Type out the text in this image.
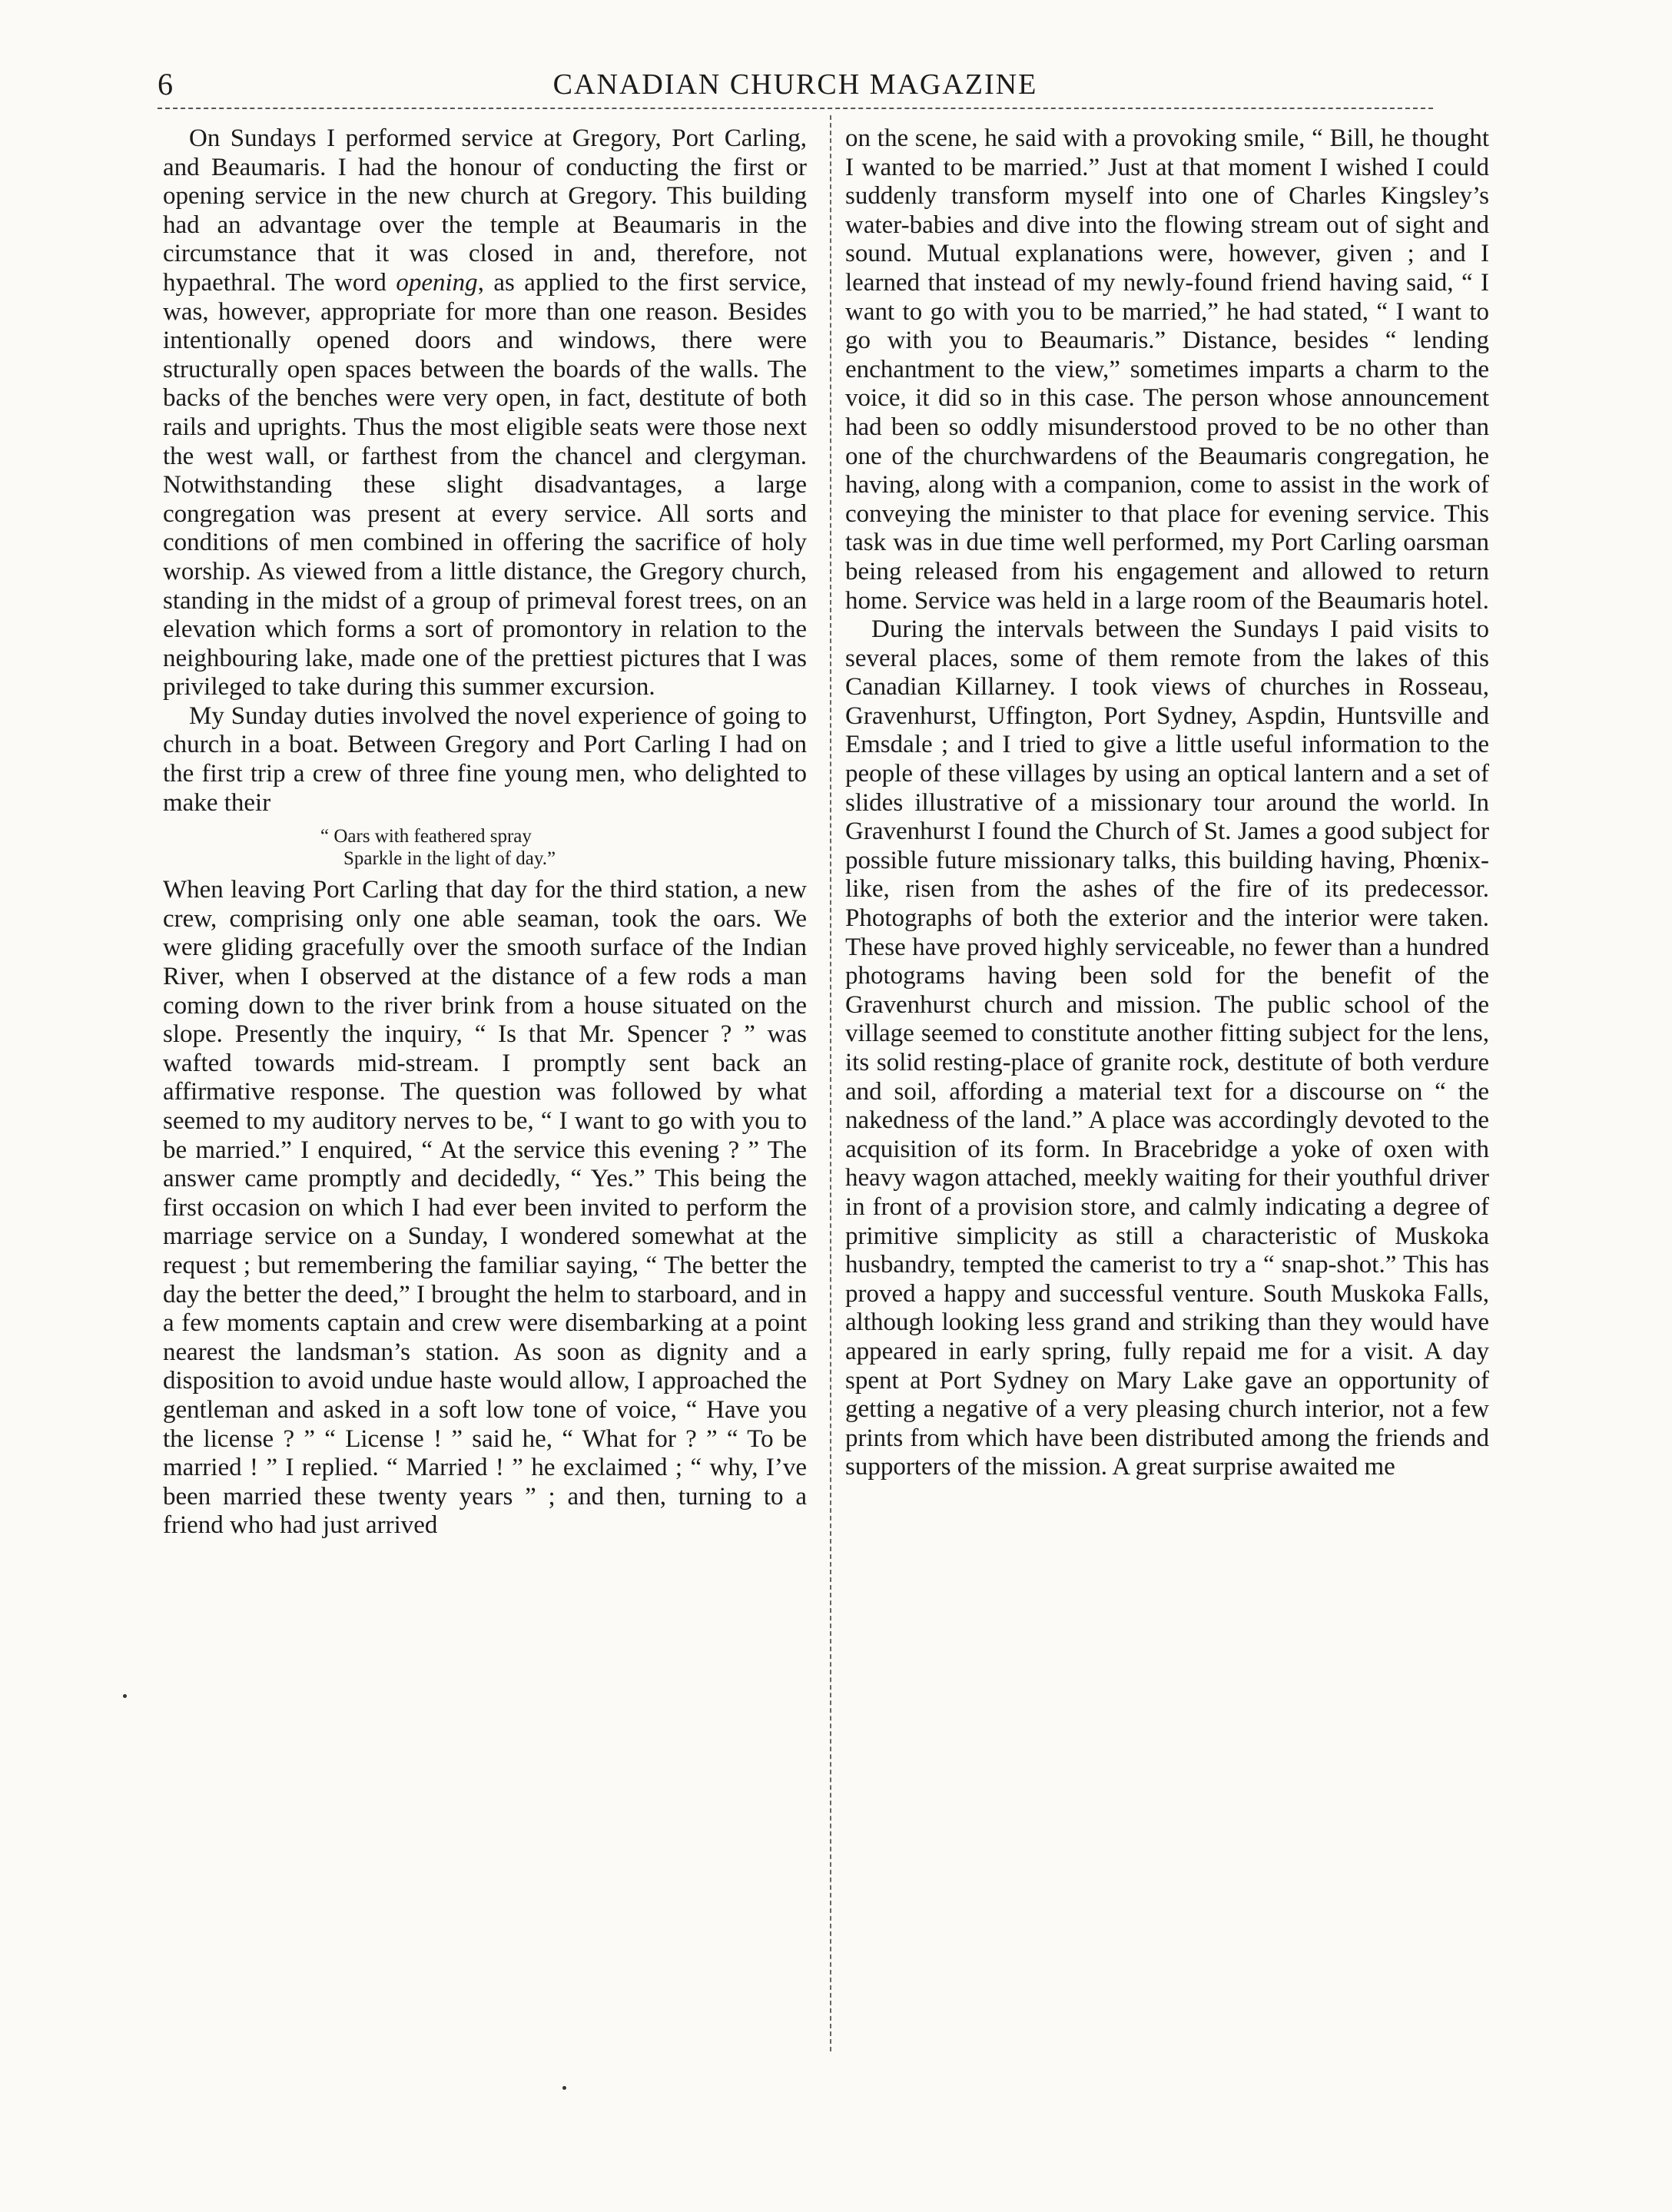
6	CANADIAN CHURCH MAGAZINE

On Sundays I performed service at Gregory, Port Carling, and Beaumaris. I had the honour of conducting the first or opening service in the new church at Gregory. This building had an advantage over the temple at Beaumaris in the circumstance that it was closed in and, therefore, not hypaethral. The word opening, as applied to the first service, was, however, appropriate for more than one reason. Besides intentionally opened doors and windows, there were structurally open spaces between the boards of the walls. The backs of the benches were very open, in fact, destitute of both rails and uprights. Thus the most eligible seats were those next the west wall, or farthest from the chancel and clergyman. Notwithstanding these slight disadvantages, a large congregation was present at every service. All sorts and conditions of men combined in offering the sacrifice of holy worship. As viewed from a little distance, the Gregory church, standing in the midst of a group of primeval forest trees, on an elevation which forms a sort of promontory in relation to the neighbouring lake, made one of the prettiest pictures that I was privileged to take during this summer excursion.

My Sunday duties involved the novel experience of going to church in a boat. Between Gregory and Port Carling I had on the first trip a crew of three fine young men, who delighted to make their

“ Oars with feathered spray
Sparkle in the light of day.”

When leaving Port Carling that day for the third station, a new crew, comprising only one able seaman, took the oars. We were gliding gracefully over the smooth surface of the Indian River, when I observed at the distance of a few rods a man coming down to the river brink from a house situated on the slope. Presently the inquiry, “ Is that Mr. Spencer ? ” was wafted towards mid-stream. I promptly sent back an affirmative response. The question was followed by what seemed to my auditory nerves to be, “ I want to go with you to be married.” I enquired, “ At the service this evening ? ” The answer came promptly and decidedly, “ Yes.” This being the first occasion on which I had ever been invited to perform the marriage service on a Sunday, I wondered somewhat at the request ; but remembering the familiar saying, “ The better the day the better the deed,” I brought the helm to starboard, and in a few moments captain and crew were disembarking at a point nearest the landsman’s station. As soon as dignity and a disposition to avoid undue haste would allow, I approached the gentleman and asked in a soft low tone of voice, “ Have you the license ? ” “ License ! ” said he, “ What for ? ” “ To be married ! ” I replied. “ Married ! ” he exclaimed ; “ why, I’ve been married these twenty years ” ; and then, turning to a friend who had just arrived

on the scene, he said with a provoking smile, “ Bill, he thought I wanted to be married.” Just at that moment I wished I could suddenly transform myself into one of Charles Kingsley’s water-babies and dive into the flowing stream out of sight and sound. Mutual explanations were, however, given ; and I learned that instead of my newly-found friend having said, “ I want to go with you to be married,” he had stated, “ I want to go with you to Beaumaris.” Distance, besides “ lending enchantment to the view,” sometimes imparts a charm to the voice, it did so in this case. The person whose announcement had been so oddly misunderstood proved to be no other than one of the churchwardens of the Beaumaris congregation, he having, along with a companion, come to assist in the work of conveying the minister to that place for evening service. This task was in due time well performed, my Port Carling oarsman being released from his engagement and allowed to return home. Service was held in a large room of the Beaumaris hotel.

During the intervals between the Sundays I paid visits to several places, some of them remote from the lakes of this Canadian Killarney. I took views of churches in Rosseau, Gravenhurst, Uffington, Port Sydney, Aspdin, Huntsville and Emsdale ; and I tried to give a little useful information to the people of these villages by using an optical lantern and a set of slides illustrative of a missionary tour around the world. In Gravenhurst I found the Church of St. James a good subject for possible future missionary talks, this building having, Phœnix-like, risen from the ashes of the fire of its predecessor. Photographs of both the exterior and the interior were taken. These have proved highly serviceable, no fewer than a hundred photograms having been sold for the benefit of the Gravenhurst church and mission. The public school of the village seemed to constitute another fitting subject for the lens, its solid resting-place of granite rock, destitute of both verdure and soil, affording a material text for a discourse on “ the nakedness of the land.” A place was accordingly devoted to the acquisition of its form. In Bracebridge a yoke of oxen with heavy wagon attached, meekly waiting for their youthful driver in front of a provision store, and calmly indicating a degree of primitive simplicity as still a characteristic of Muskoka husbandry, tempted the camerist to try a “ snap-shot.” This has proved a happy and successful venture. South Muskoka Falls, although looking less grand and striking than they would have appeared in early spring, fully repaid me for a visit. A day spent at Port Sydney on Mary Lake gave an opportunity of getting a negative of a very pleasing church interior, not a few prints from which have been distributed among the friends and supporters of the mission. A great surprise awaited me
